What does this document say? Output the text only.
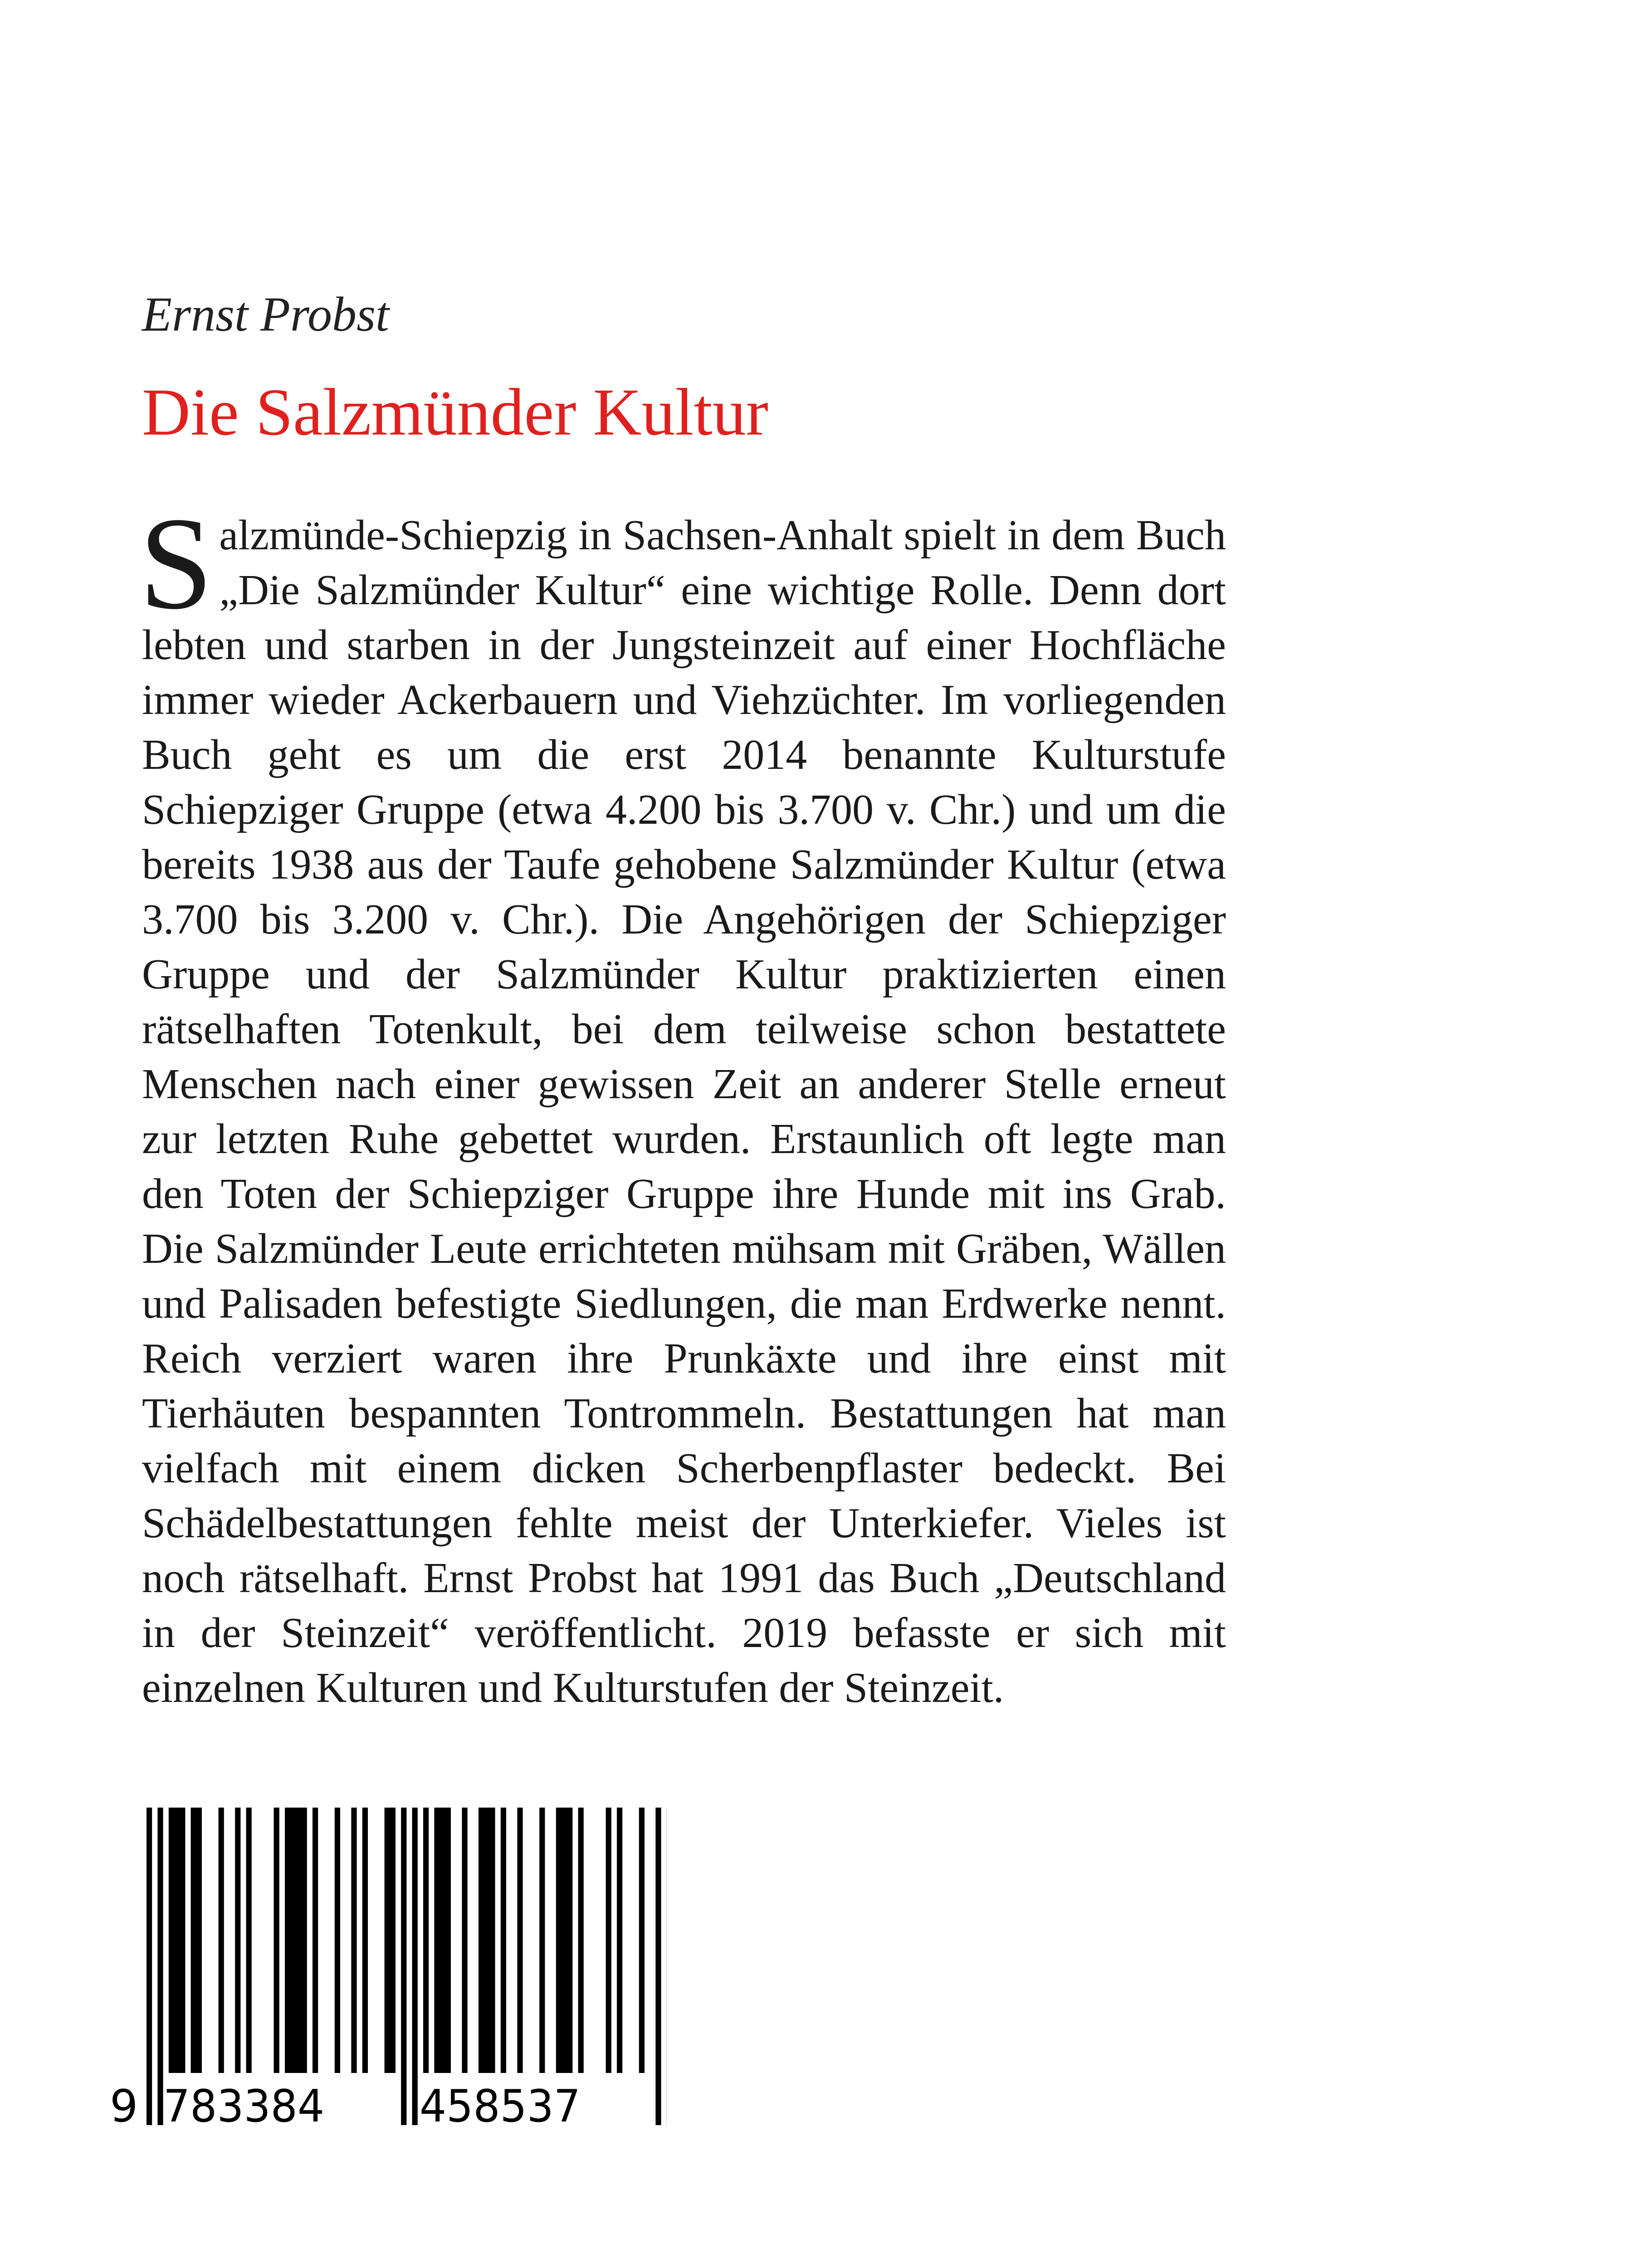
Ernst Probst
Die Salzmünder Kultur

Salzmünde-Schiepzig in Sachsen-Anhalt spielt in dem Buch „Die Salzmünder Kultur“ eine wichtige Rolle. Denn dort lebten und starben in der Jungsteinzeit auf einer Hochfläche immer wieder Ackerbauern und Viehzüchter. Im vorliegenden Buch geht es um die erst 2014 benannte Kulturstufe Schiepziger Gruppe (etwa 4.200 bis 3.700 v. Chr.) und um die bereits 1938 aus der Taufe gehobene Salzmünder Kultur (etwa 3.700 bis 3.200 v. Chr.). Die Angehörigen der Schiepziger Gruppe und der Salzmünder Kultur praktizierten einen rätselhaften Totenkult, bei dem teilweise schon bestattete Menschen nach einer gewissen Zeit an anderer Stelle erneut zur letzten Ruhe gebettet wurden. Erstaunlich oft legte man den Toten der Schiepziger Gruppe ihre Hunde mit ins Grab. Die Salzmünder Leute errichteten mühsam mit Gräben, Wällen und Palisaden befestigte Siedlungen, die man Erdwerke nennt. Reich verziert waren ihre Prunkäxte und ihre einst mit Tierhäuten bespannten Tontrommeln. Bestattungen hat man vielfach mit einem dicken Scherbenpflaster bedeckt. Bei Schädelbestattungen fehlte meist der Unterkiefer. Vieles ist noch rätselhaft. Ernst Probst hat 1991 das Buch „Deutschland in der Steinzeit“ veröffentlicht. 2019 befasste er sich mit einzelnen Kulturen und Kulturstufen der Steinzeit.

9 783384 458537
